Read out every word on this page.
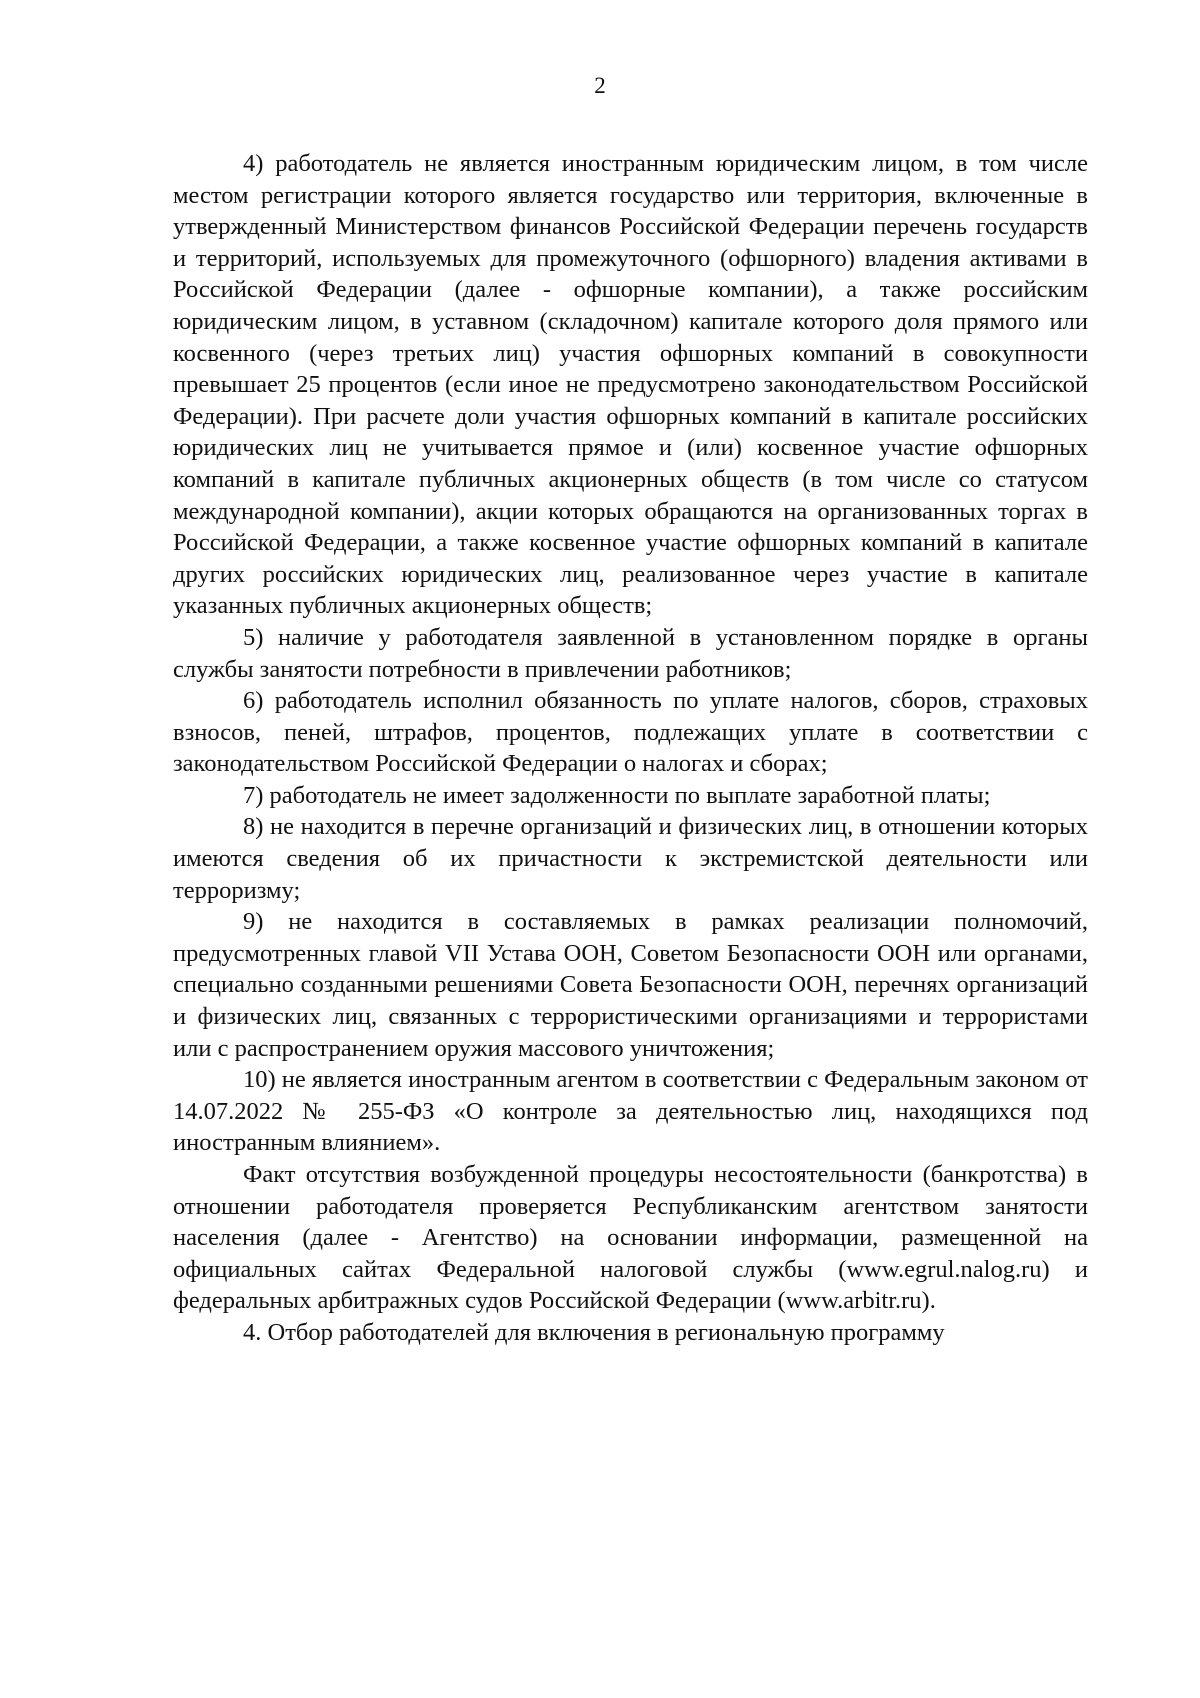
2

4) работодатель не является иностранным юридическим лицом, в том числе местом регистрации которого является государство или территория, включенные в утвержденный Министерством финансов Российской Федерации перечень государств и территорий, используемых для промежуточного (офшорного) владения активами в Российской Федерации (далее - офшорные компании), а также российским юридическим лицом, в уставном (складочном) капитале которого доля прямого или косвенного (через третьих лиц) участия офшорных компаний в совокупности превышает 25 процентов (если иное не предусмотрено законодательством Российской Федерации). При расчете доли участия офшорных компаний в капитале российских юридических лиц не учитывается прямое и (или) косвенное участие офшорных компаний в капитале публичных акционерных обществ (в том числе со статусом международной компании), акции которых обращаются на организованных торгах в Российской Федерации, а также косвенное участие офшорных компаний в капитале других российских юридических лиц, реализованное через участие в капитале указанных публичных акционерных обществ;

5) наличие у работодателя заявленной в установленном порядке в органы службы занятости потребности в привлечении работников;

6) работодатель исполнил обязанность по уплате налогов, сборов, страховых взносов, пеней, штрафов, процентов, подлежащих уплате в соответствии с законодательством Российской Федерации о налогах и сборах;

7) работодатель не имеет задолженности по выплате заработной платы;

8) не находится в перечне организаций и физических лиц, в отношении которых имеются сведения об их причастности к экстремистской деятельности или терроризму;

9) не находится в составляемых в рамках реализации полномочий, предусмотренных главой VII Устава ООН, Советом Безопасности ООН или органами, специально созданными решениями Совета Безопасности ООН, перечнях организаций и физических лиц, связанных с террористическими организациями и террористами или с распространением оружия массового уничтожения;

10) не является иностранным агентом в соответствии с Федеральным законом от 14.07.2022 № 255-ФЗ «О контроле за деятельностью лиц, находящихся под иностранным влиянием».

Факт отсутствия возбужденной процедуры несостоятельности (банкротства) в отношении работодателя проверяется Республиканским агентством занятости населения (далее - Агентство) на основании информации, размещенной на официальных сайтах Федеральной налоговой службы (www.egrul.nalog.ru) и федеральных арбитражных судов Российской Федерации (www.arbitr.ru).

4. Отбор работодателей для включения в региональную программу
